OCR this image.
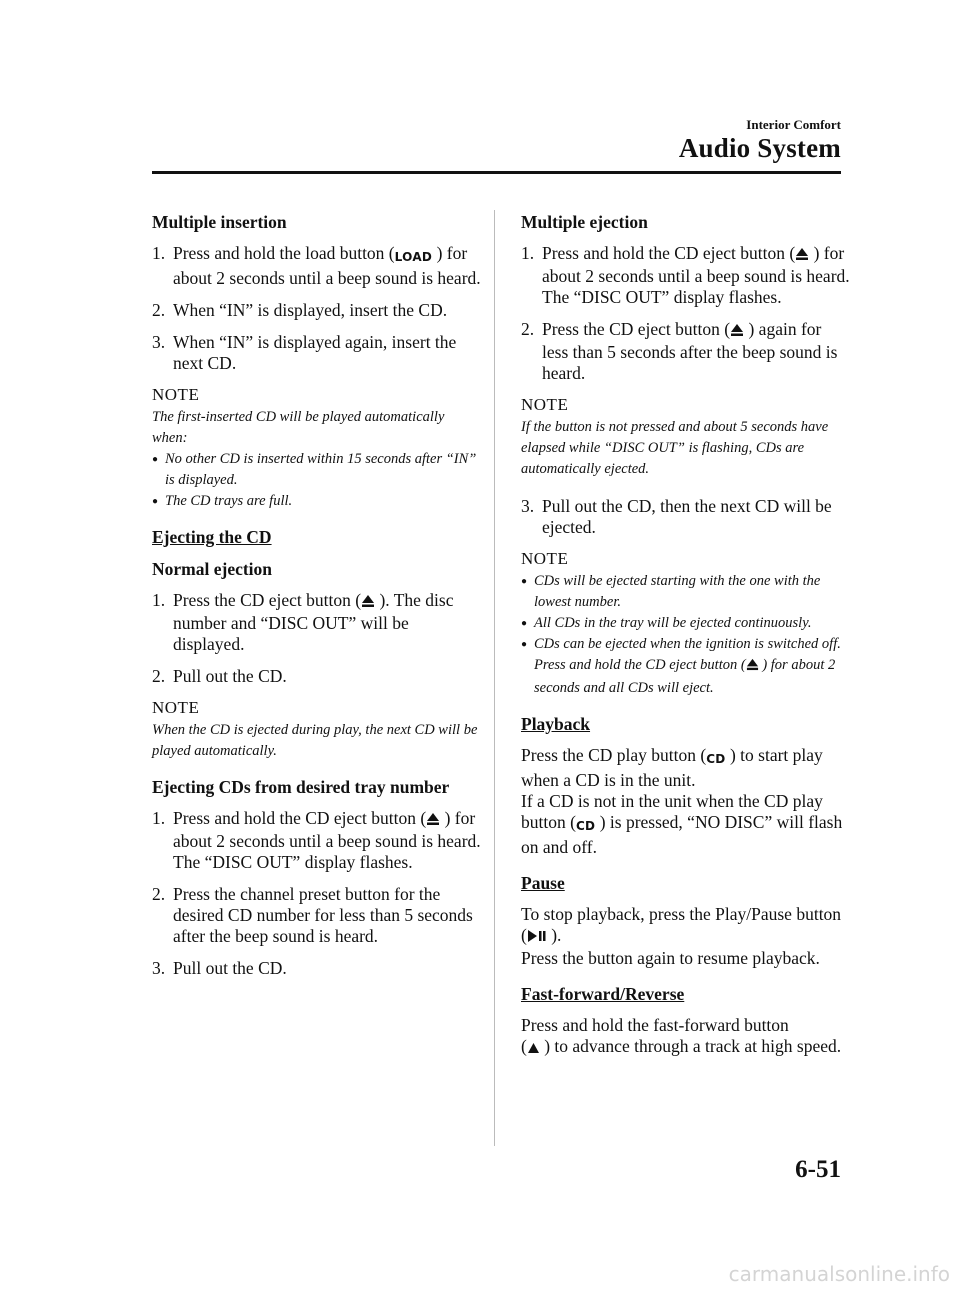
Interior Comfort
Audio System
Multiple insertion
1. Press and hold the load button (LOAD ) for about 2 seconds until a beep sound is heard.
2. When “IN” is displayed, insert the CD.
3. When “IN” is displayed again, insert the next CD.
NOTE
The first-inserted CD will be played automatically when:
● No other CD is inserted within 15 seconds after “IN” is displayed.
● The CD trays are full.
Ejecting the CD
Normal ejection
1. Press the CD eject button ( ). The disc number and “DISC OUT” will be displayed.
2. Pull out the CD.
NOTE
When the CD is ejected during play, the next CD will be played automatically.
Ejecting CDs from desired tray number
1. Press and hold the CD eject button ( ) for about 2 seconds until a beep sound is heard.
The “DISC OUT” display flashes.
2. Press the channel preset button for the desired CD number for less than 5 seconds after the beep sound is heard.
3. Pull out the CD.
Multiple ejection
1. Press and hold the CD eject button ( ) for about 2 seconds until a beep sound is heard.
The “DISC OUT” display flashes.
2. Press the CD eject button ( ) again for less than 5 seconds after the beep sound is heard.
NOTE
If the button is not pressed and about 5 seconds have elapsed while “DISC OUT” is flashing, CDs are automatically ejected.
3. Pull out the CD, then the next CD will be ejected.
NOTE
● CDs will be ejected starting with the one with the lowest number.
● All CDs in the tray will be ejected continuously.
● CDs can be ejected when the ignition is switched off. Press and hold the CD eject button ( ) for about 2 seconds and all CDs will eject.
Playback
Press the CD play button (CD ) to start play when a CD is in the unit.
If a CD is not in the unit when the CD play button (CD ) is pressed, “NO DISC” will flash on and off.
Pause
To stop playback, press the Play/Pause button ( ).
Press the button again to resume playback.
Fast-forward/Reverse
Press and hold the fast-forward button
( ) to advance through a track at high speed.
6-51
carmanualsonline.info
